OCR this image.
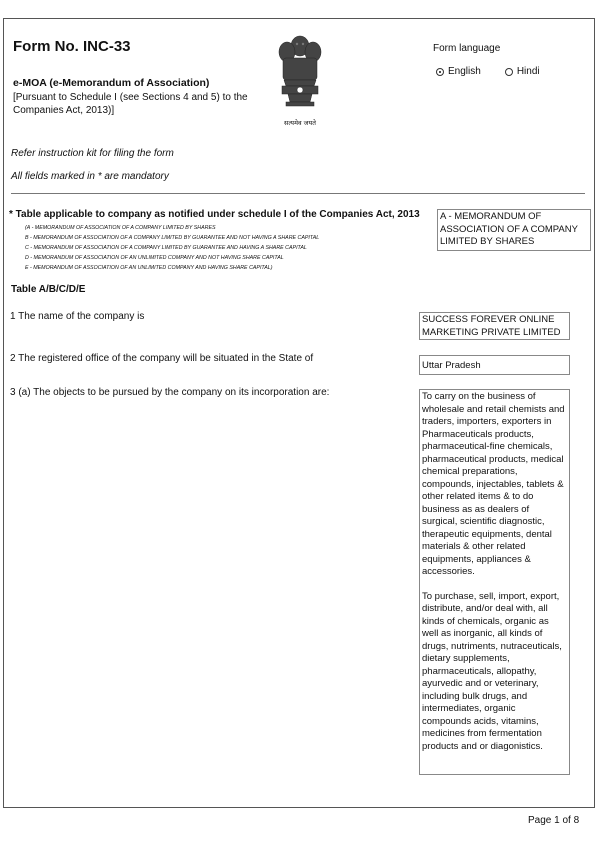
Form No. INC-33
e-MOA (e-Memorandum of Association)
[Pursuant to Schedule I (see Sections 4 and 5) to the Companies Act, 2013)]
सत्यमेव जयते
Form language
English	Hindi
Refer instruction kit for filing the form
All fields marked in * are mandatory
* Table applicable to company as notified under schedule I of the Companies Act, 2013
(A - MEMORANDUM OF ASSOCIATION OF A COMPANY LIMITED BY SHARES
B - MEMORANDUM OF ASSOCIATION OF A COMPANY LIMITED BY GUARANTEE AND NOT HAVING A SHARE CAPITAL
C - MEMORANDUM OF ASSOCIATION OF A COMPANY LIMITED BY GUARANTEE AND HAVING A SHARE CAPITAL
D - MEMORANDUM OF ASSOCIATION OF AN UNLIMITED COMPANY AND NOT HAVING SHARE CAPITAL
E - MEMORANDUM OF ASSOCIATION OF AN UNLIMITED COMPANY AND HAVING SHARE CAPITAL)
A - MEMORANDUM OF ASSOCIATION OF A COMPANY LIMITED BY SHARES
Table A/B/C/D/E
1 The name of the company is	SUCCESS FOREVER ONLINE MARKETING PRIVATE LIMITED
2 The registered office of the company will be situated in the State of
Uttar Pradesh
3 (a) The objects to be pursued by the company on its incorporation are:	To carry on the business of wholesale and retail chemists and traders, importers, exporters in Pharmaceuticals products, pharmaceutical-fine chemicals, pharmaceutical products, medical chemical preparations, compounds, injectables, tablets & other related items & to do business as as dealers of surgical, scientific diagnostic, therapeutic equipments, dental materials & other related equipments, appliances & accessories.

To purchase, sell, import, export, distribute, and/or deal with, all kinds of chemicals, organic as well as inorganic, all kinds of drugs, nutriments, nutraceuticals, dietary supplements, pharmaceuticals, allopathy, ayurvedic and or veterinary, including bulk drugs, and intermediates, organic compounds acids, vitamins, medicines from fermentation products and or diagonistics.

Page 1 of 8
